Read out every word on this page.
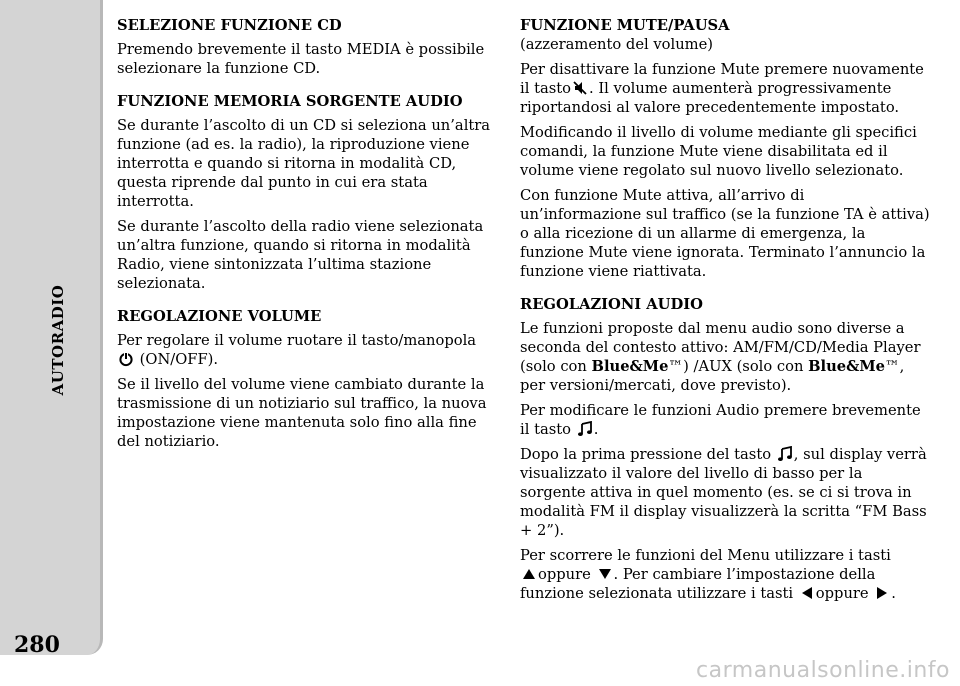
AUTORADIO
280
SELEZIONE FUNZIONE CD

Premendo brevemente il tasto MEDIA è possibile selezionare la funzione CD.

FUNZIONE MEMORIA SORGENTE AUDIO

Se durante l’ascolto di un CD si seleziona un’altra funzione (ad es. la radio), la riproduzione viene interrotta e quando si ritorna in modalità CD, questa riprende dal punto in cui era stata interrotta.

Se durante l’ascolto della radio viene selezionata un’altra funzione, quando si ritorna in modalità Radio, viene sintonizzata l’ultima stazione selezionata.

REGOLAZIONE VOLUME

Per regolare il volume ruotare il tasto/manopola

(ON/OFF).

Se il livello del volume viene cambiato durante la trasmissione di un notiziario sul traffico, la nuova impostazione viene mantenuta solo fino alla fine del notiziario.

FUNZIONE MUTE/PAUSA

(azzeramento del volume)

Per disattivare la funzione Mute premere nuovamente il tasto . Il volume aumenterà progressivamente riportandosi al valore precedentemente impostato.

Modificando il livello di volume mediante gli specifici comandi, la funzione Mute viene disabilitata ed il volume viene regolato sul nuovo livello selezionato.

Con funzione Mute attiva, all’arrivo di un’informazione sul traffico (se la funzione TA è attiva) o alla ricezione di un allarme di emergenza, la funzione Mute viene ignorata. Terminato l’annuncio la funzione viene riattivata.

REGOLAZIONI AUDIO

Le funzioni proposte dal menu audio sono diverse a seconda del contesto attivo: AM/FM/CD/Media Player (solo con Blue&Me™) /AUX (solo con Blue&Me™, per versioni/mercati, dove previsto).

Per modificare le funzioni Audio premere brevemente il tasto .

Dopo la prima pressione del tasto , sul display verrà visualizzato il valore del livello di basso per la sorgente attiva in quel momento (es. se ci si trova in modalità FM il display visualizzerà la scritta “FM Bass + 2”).

Per scorrere le funzioni del Menu utilizzare i tasti

oppure . Per cambiare l’impostazione della funzione selezionata utilizzare i tasti oppure .

carmanualsonline.info
